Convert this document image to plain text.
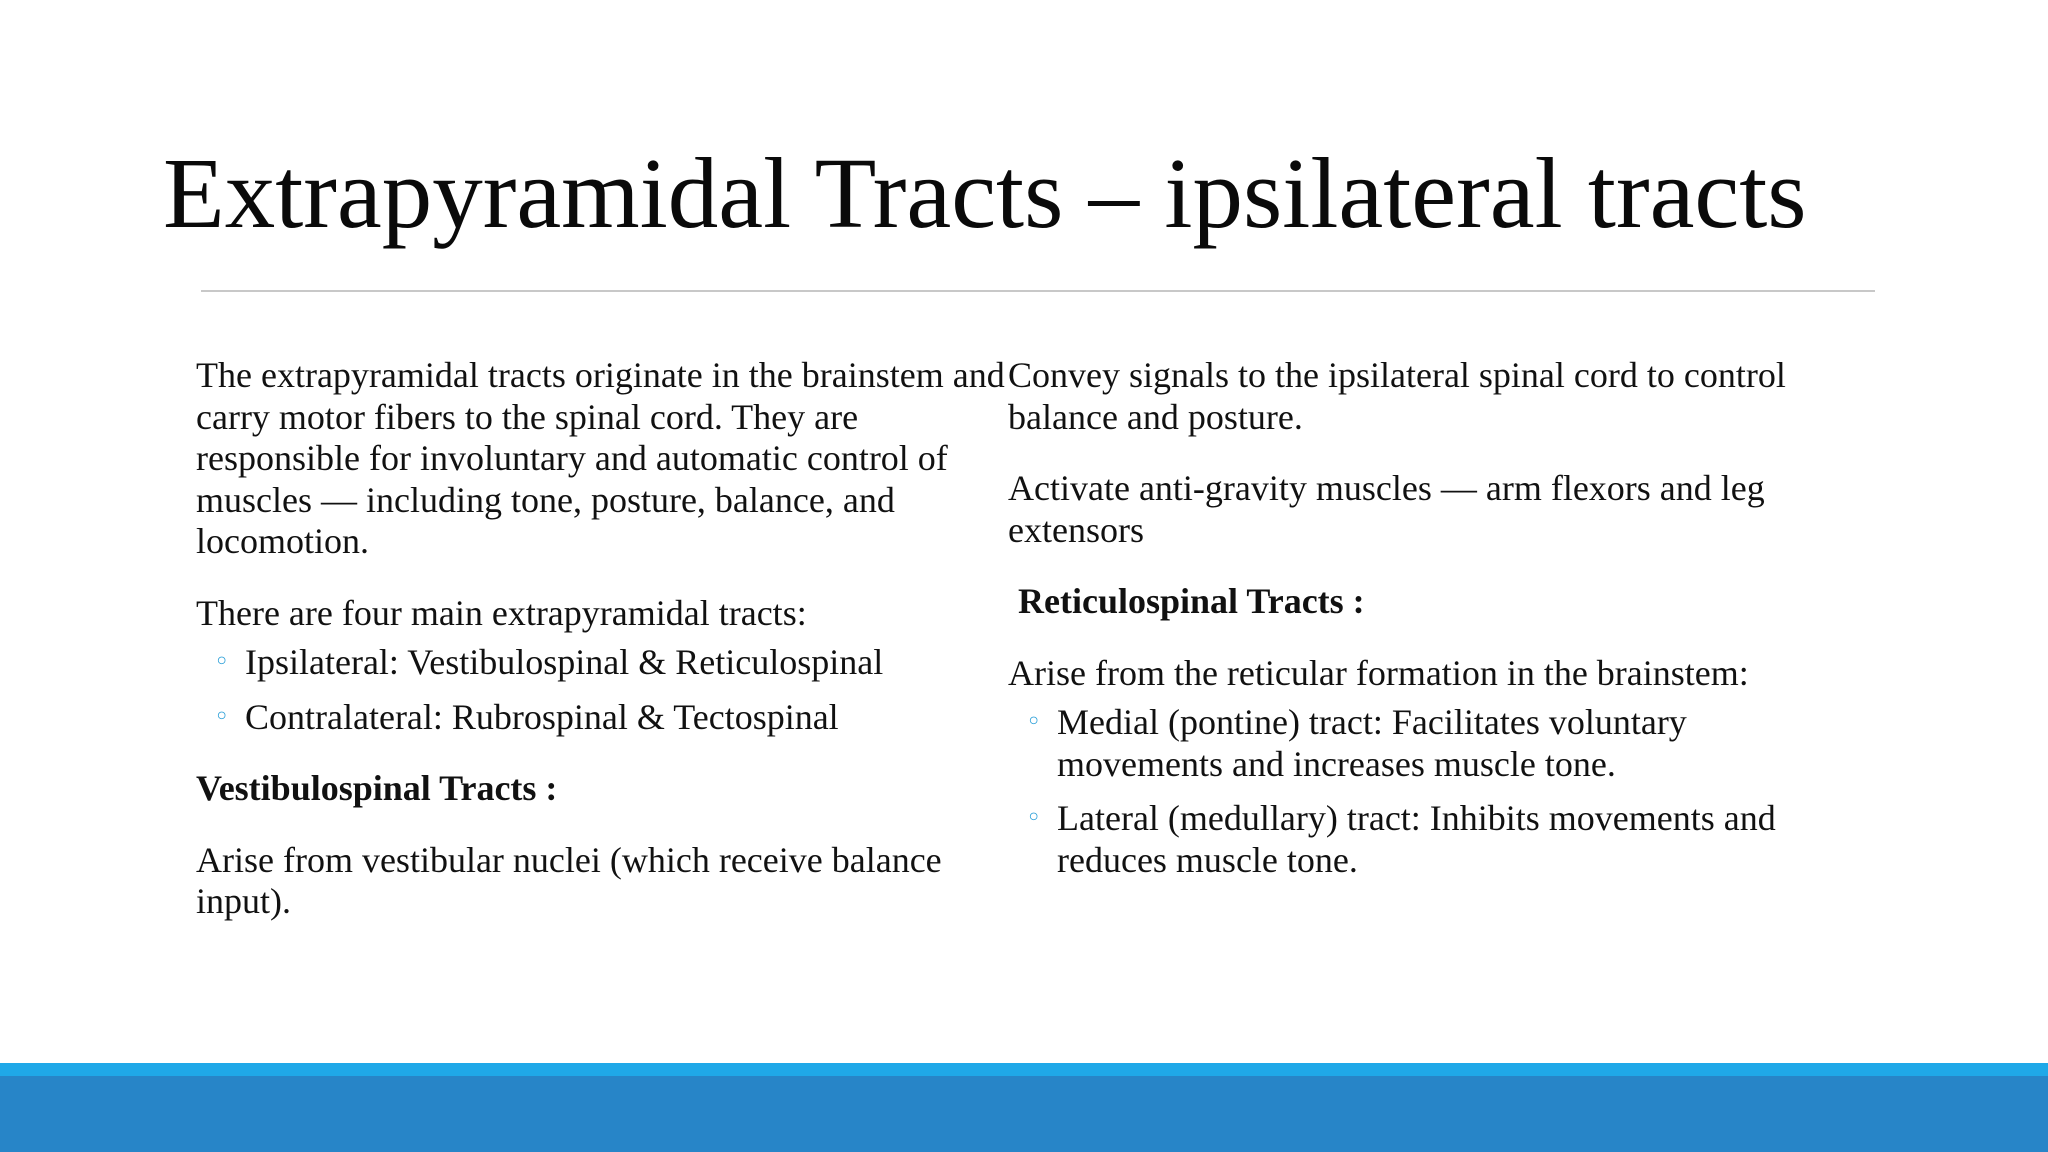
Extrapyramidal Tracts – ipsilateral tracts

The extrapyramidal tracts originate in the brainstem and carry motor fibers to the spinal cord. They are responsible for involuntary and automatic control of muscles — including tone, posture, balance, and locomotion.

There are four main extrapyramidal tracts:

◦ Ipsilateral: Vestibulospinal & Reticulospinal
◦ Contralateral: Rubrospinal & Tectospinal

Vestibulospinal Tracts :

Arise from vestibular nuclei (which receive balance input).

Convey signals to the ipsilateral spinal cord to control balance and posture.

Activate anti-gravity muscles — arm flexors and leg extensors

Reticulospinal Tracts :

Arise from the reticular formation in the brainstem:

◦ Medial (pontine) tract: Facilitates voluntary movements and increases muscle tone.
◦ Lateral (medullary) tract: Inhibits movements and reduces muscle tone.
